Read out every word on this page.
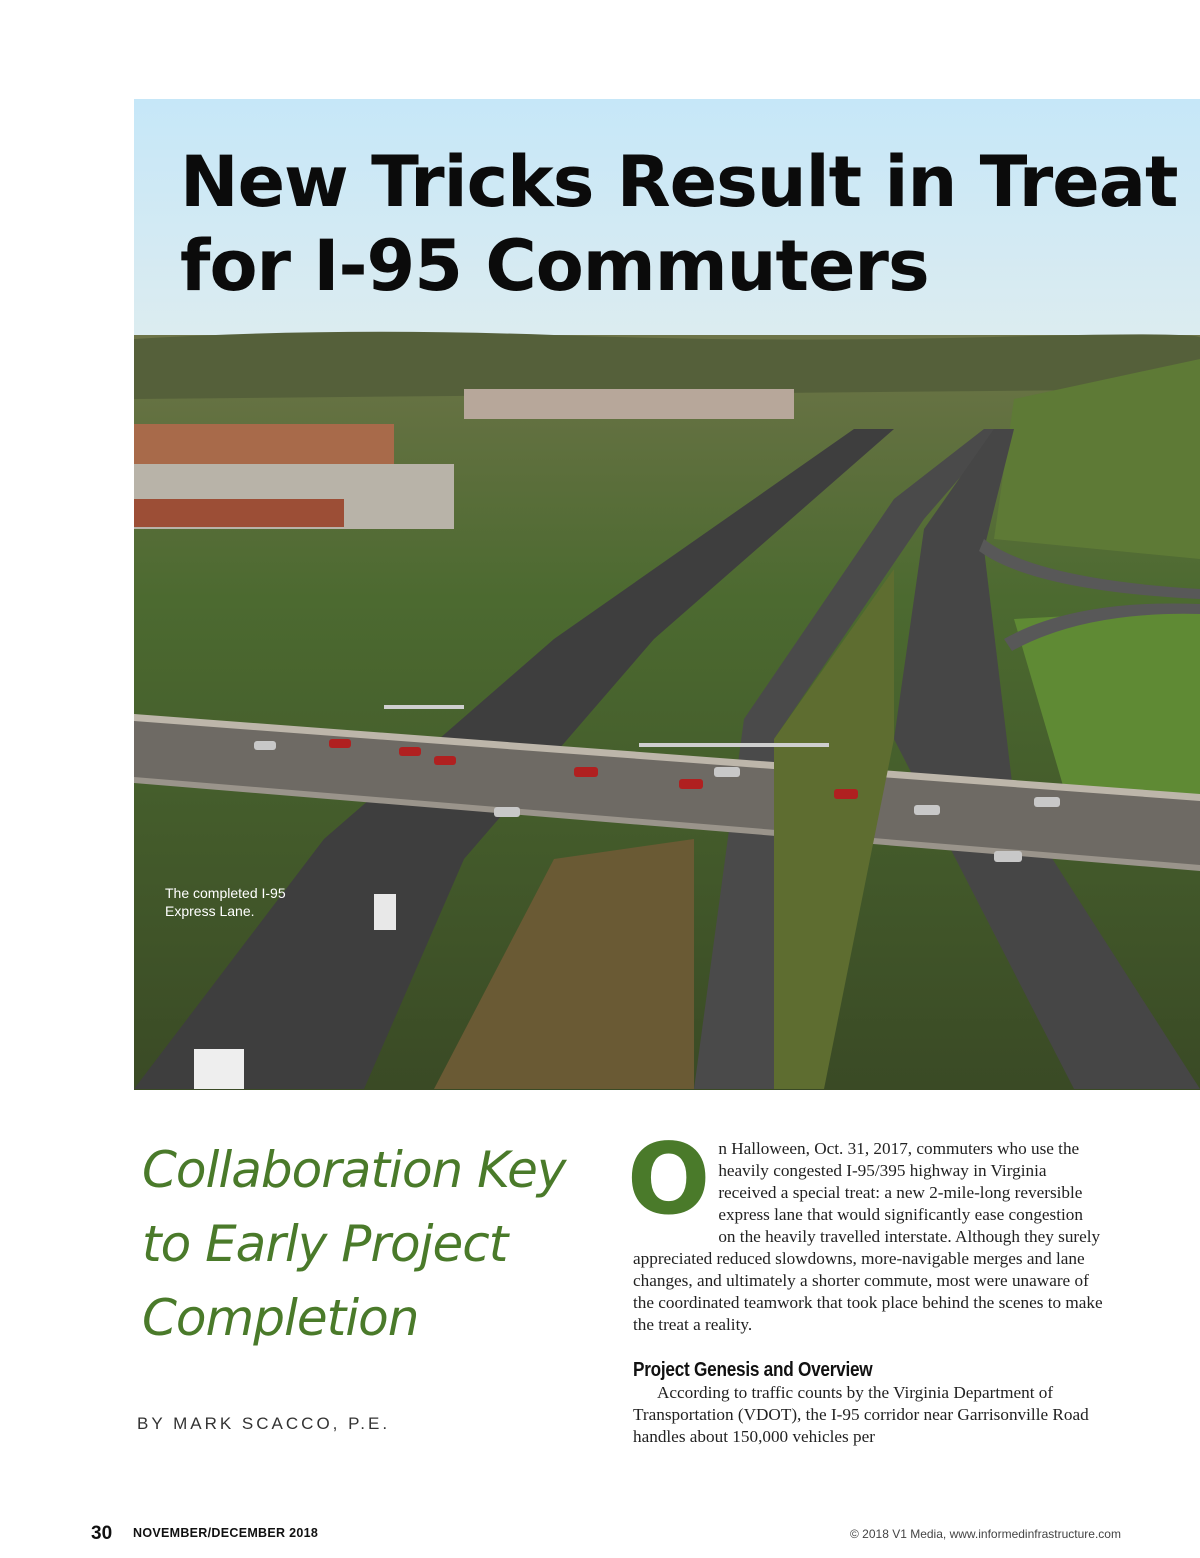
New Tricks Result in Treat
for I-95 Commuters
The completed I-95
Express Lane.
Collaboration Key
to Early Project
Completion
BY MARK SCACCO, P.E.
O n Halloween, Oct. 31, 2017, commuters who use the heavily congested I-95/395 highway in Virginia received a special treat: a new 2-mile-long reversible express lane that would significantly ease congestion on the heavily travelled interstate. Although they surely appreciated reduced slowdowns, more-navigable merges and lane changes, and ultimately a shorter commute, most were unaware of the coordinated teamwork that took place behind the scenes to make the treat a reality.

Project Genesis and Overview

According to traffic counts by the Virginia Department of Transportation (VDOT), the I-95 corridor near Garrisonville Road handles about 150,000 vehicles per

30 NOVEMBER/DECEMBER 2018	© 2018 V1 Media, www.informedinfrastructure.com
